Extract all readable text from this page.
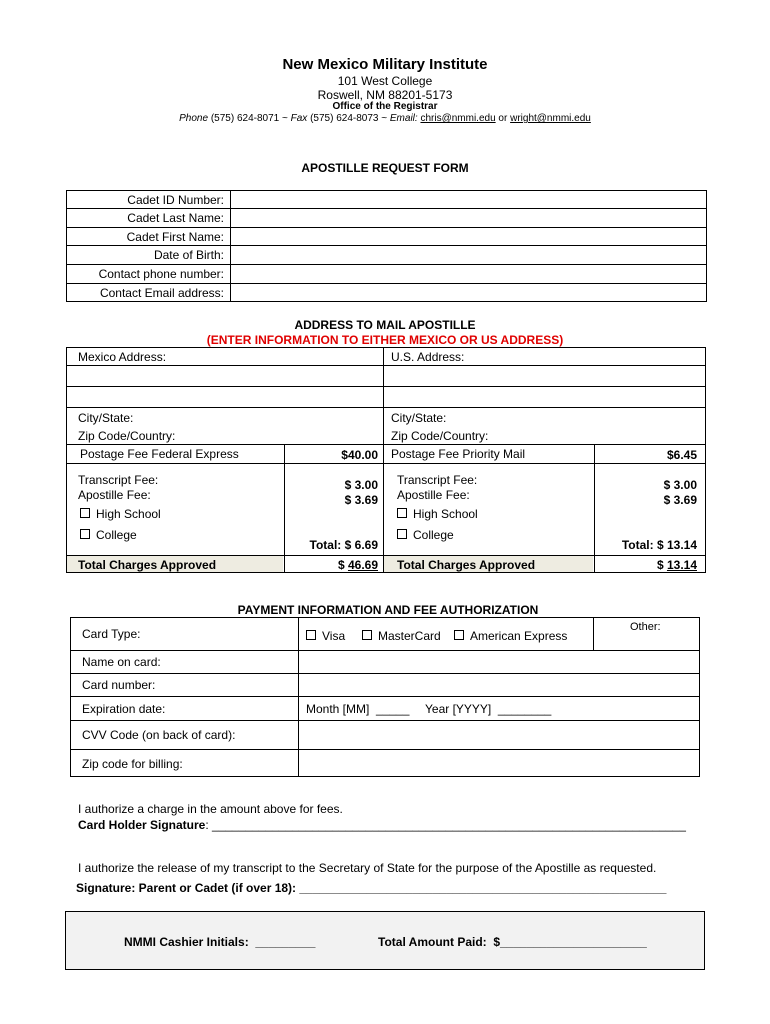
New Mexico Military Institute
101 West College
Roswell, NM 88201-5173
Office of the Registrar
Phone (575) 624-8071 ~ Fax (575) 624-8073 ~ Email: chris@nmmi.edu or wright@nmmi.edu
APOSTILLE REQUEST FORM
Cadet ID Number:
Cadet Last Name:
Cadet First Name:
Date of Birth:
Contact phone number:
Contact Email address:
ADDRESS TO MAIL APOSTILLE
(ENTER INFORMATION TO EITHER MEXICO OR US ADDRESS)
Mexico Address:
City/State:
Zip Code/Country:
Postage Fee Federal Express	$40.00
Transcript Fee:	$ 3.00
Apostille Fee:	$ 3.69
High School
College
Total: $ 6.69
Total Charges Approved	$ 46.69
U.S. Address:
City/State:
Zip Code/Country:
Postage Fee Priority Mail	$6.45
Transcript Fee:	$ 3.00
Apostille Fee:	$ 3.69
High School
College
Total: $ 13.14
Total Charges Approved	$ 13.14
PAYMENT INFORMATION AND FEE AUTHORIZATION
Card Type:	Visa	MasterCard	American Express
Other:
Name on card:
Card number:
Expiration date:	Month [MM]  _____ Year [YYYY]  ________
CVV Code (on back of card):
Zip code for billing:
I authorize a charge in the amount above for fees.
Card Holder Signature: _______________________________________________________________________
I authorize the release of my transcript to the Secretary of State for the purpose of the Apostille as requested.
Signature: Parent or Cadet (if over 18): _______________________________________________________
NMMI Cashier Initials:  _________	Total Amount Paid:  $______________________
